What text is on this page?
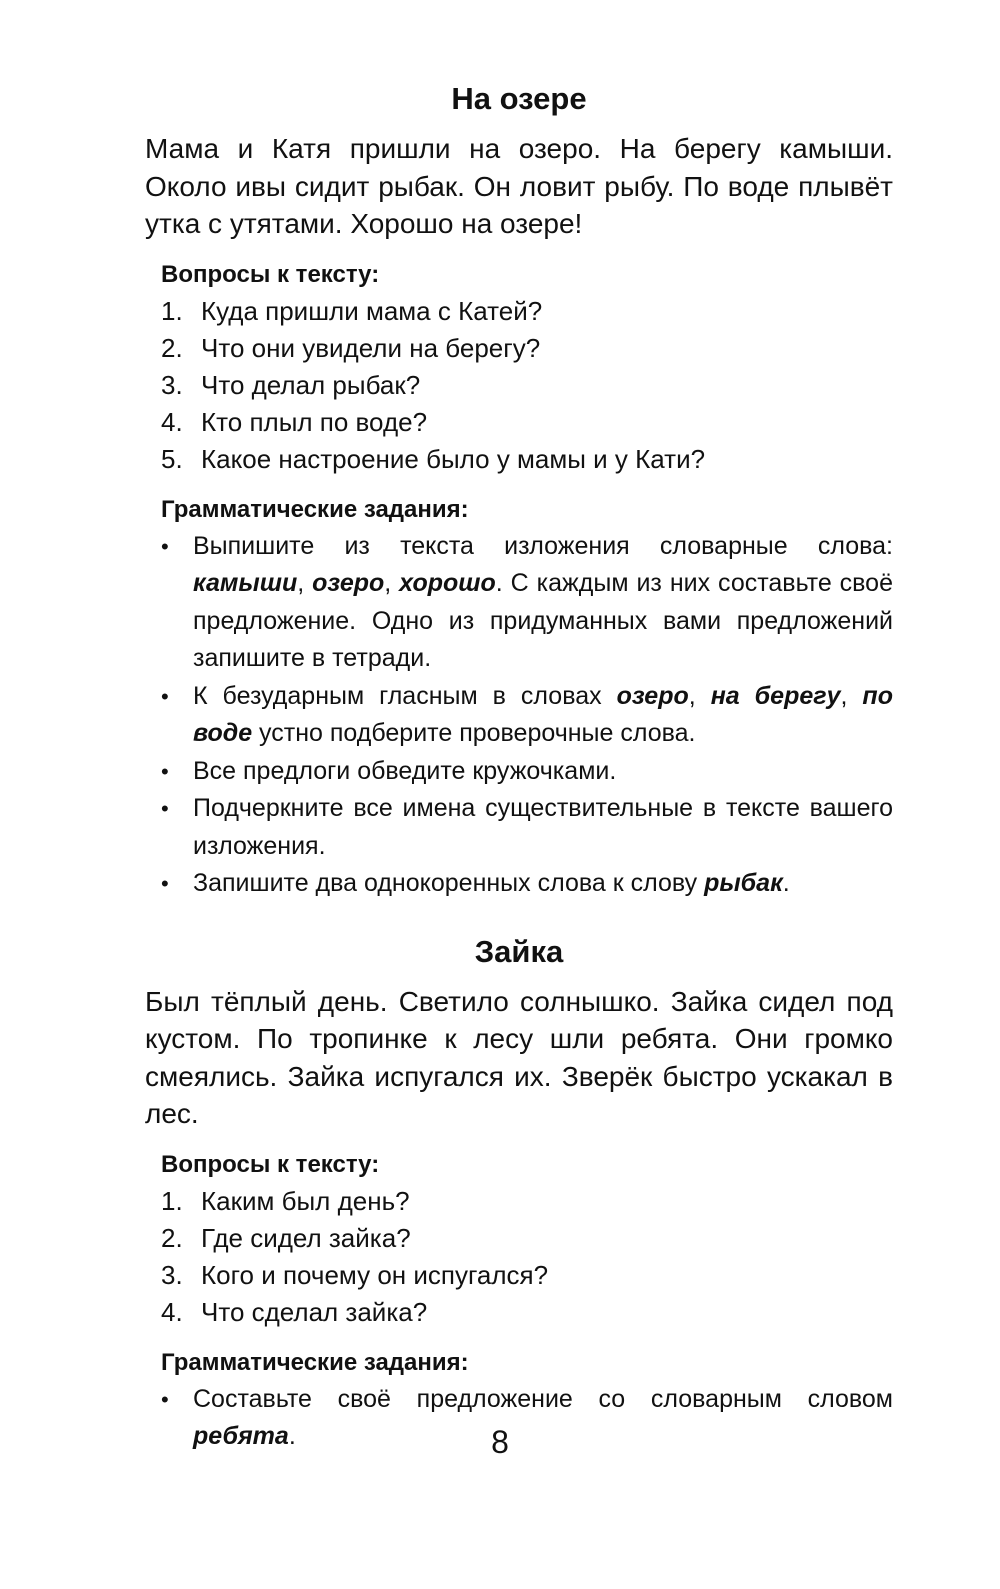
На озере

Мама и Катя пришли на озеро. На берегу камыши. Около ивы сидит рыбак. Он ловит рыбу. По воде плывёт утка с утятами. Хорошо на озере!

Вопросы к тексту:
1. Куда пришли мама с Катей?
2. Что они увидели на берегу?
3. Что делал рыбак?
4. Кто плыл по воде?
5. Какое настроение было у мамы и у Кати?
Грамматические задания:
• Выпишите из текста изложения словарные слова: камыши, озеро, хорошо. С каждым из них составьте своё предложение. Одно из придуманных вами предложений запишите в тетради.
• К безударным гласным в словах озеро, на берегу, по воде устно подберите проверочные слова.
• Все предлоги обведите кружочками.
• Подчеркните все имена существительные в тексте вашего изложения.
• Запишите два однокоренных слова к слову рыбак.
Зайка

Был тёплый день. Светило солнышко. Зайка сидел под кустом. По тропинке к лесу шли ребята. Они громко смеялись. Зайка испугался их. Зверёк быстро ускакал в лес.

Вопросы к тексту:
1. Каким был день?
2. Где сидел зайка?
3. Кого и почему он испугался?
4. Что сделал зайка?
Грамматические задания:
• Составьте своё предложение со словарным словом ребята.	8
